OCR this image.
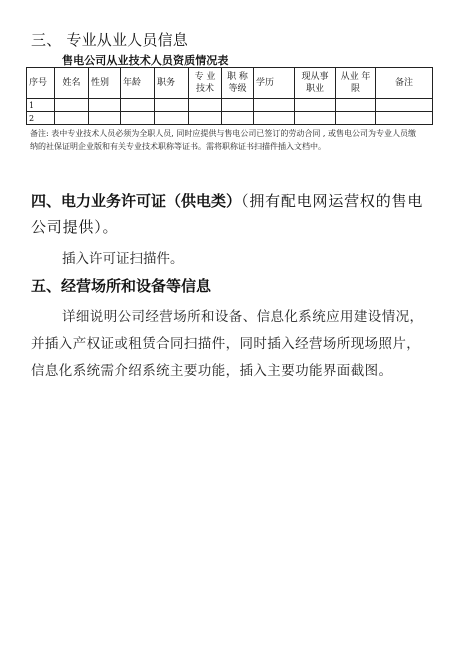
三、 专业从业人员信息
售电公司从业技术人员资质情况表
序号	姓名	性别	年龄	职务	专 业 技术	职 称 等级	学历	现从事 职业	从业 年限	备注
1										
2										
备注: 表中专业技术人员必须为全职人员, 同时应提供与售电公司已签订的劳动合同 , 或售电公司为专业人员缴纳的社保证明企业版和有关专业技术职称等证书。需将职称证书扫描件插入文档中。
四、电力业务许可证（供电类）（拥有配电网运营权的售电公司提供）。
插入许可证扫描件。
五、经营场所和设备等信息
详细说明公司经营场所和设备、信息化系统应用建设情况，并插入产权证或租赁合同扫描件，同时插入经营场所现场照片，信息化系统需介绍系统主要功能，插入主要功能界面截图。
